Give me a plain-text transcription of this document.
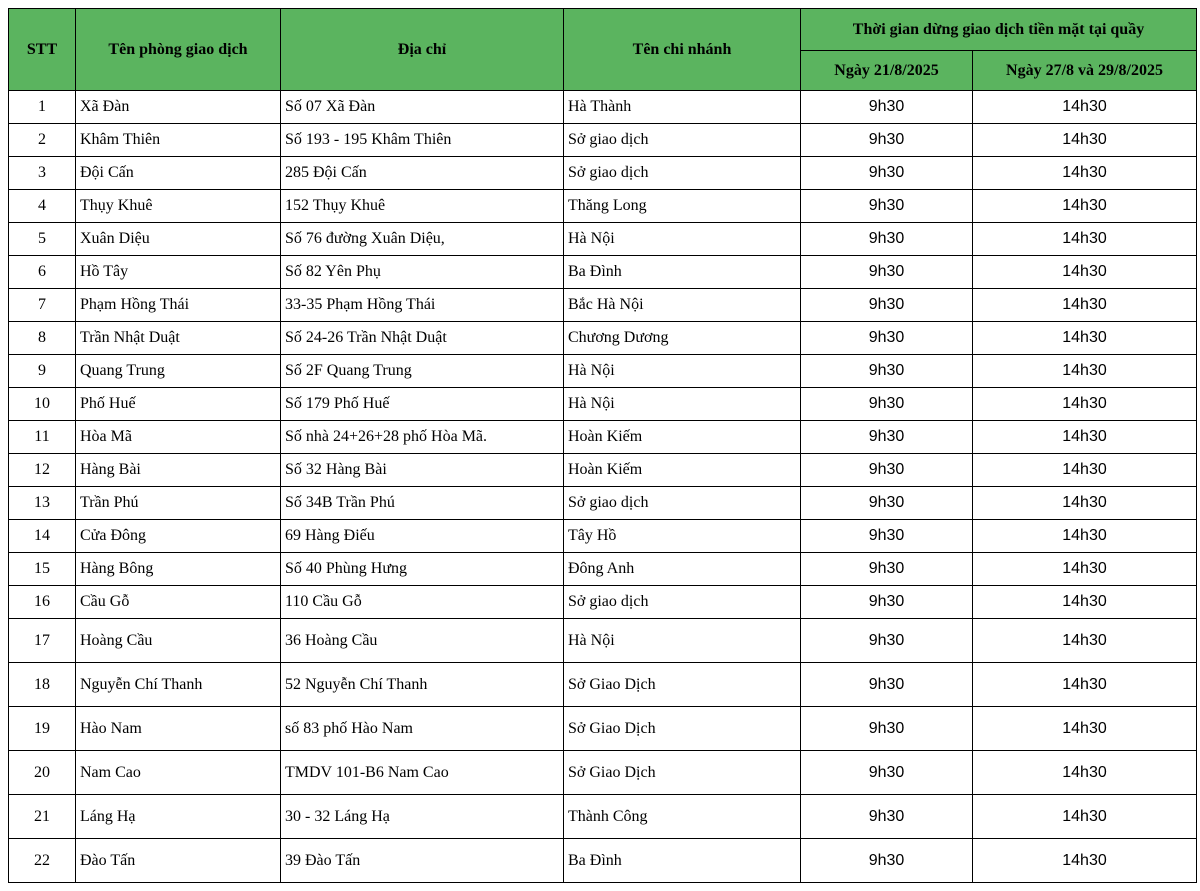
STT	Tên phòng giao dịch	Địa chỉ	Tên chi nhánh	Thời gian dừng giao dịch tiền mặt tại quầy	
				Ngày 21/8/2025	Ngày 27/8 và 29/8/2025
1	Xã Đàn	Số 07 Xã Đàn	Hà Thành	9h30	14h30
2	Khâm Thiên	Số 193 - 195 Khâm Thiên	Sở giao dịch	9h30	14h30
3	Đội Cấn	285 Đội Cấn	Sở giao dịch	9h30	14h30
4	Thụy Khuê	152 Thụy Khuê	Thăng Long	9h30	14h30
5	Xuân Diệu	Số 76 đường Xuân Diệu,	Hà Nội	9h30	14h30
6	Hồ Tây	Số 82 Yên Phụ	Ba Đình	9h30	14h30
7	Phạm Hồng Thái	33-35 Phạm Hồng Thái	Bắc Hà Nội	9h30	14h30
8	Trần Nhật Duật	Số 24-26 Trần Nhật Duật	Chương Dương	9h30	14h30
9	Quang Trung	Số 2F Quang Trung	Hà Nội	9h30	14h30
10	Phố Huế	Số 179 Phố Huế	Hà Nội	9h30	14h30
11	Hòa Mã	Số nhà 24+26+28 phố Hòa Mã.	Hoàn Kiếm	9h30	14h30
12	Hàng Bài	Số 32 Hàng Bài	Hoàn Kiếm	9h30	14h30
13	Trần Phú	Số 34B Trần Phú	Sở giao dịch	9h30	14h30
14	Cửa Đông	69 Hàng Điếu	Tây Hồ	9h30	14h30
15	Hàng Bông	Số 40 Phùng Hưng	Đông Anh	9h30	14h30
16	Cầu Gỗ	110 Cầu Gỗ	Sở giao dịch	9h30	14h30
17	Hoàng Cầu	36 Hoàng Cầu	Hà Nội	9h30	14h30
18	Nguyễn Chí Thanh	52 Nguyễn Chí Thanh	Sở Giao Dịch	9h30	14h30
19	Hào Nam	số 83 phố Hào Nam	Sở Giao Dịch	9h30	14h30
20	Nam Cao	TMDV 101-B6 Nam Cao	Sở Giao Dịch	9h30	14h30
21	Láng Hạ	30 - 32 Láng Hạ	Thành Công	9h30	14h30
22	Đào Tấn	39 Đào Tấn	Ba Đình	9h30	14h30
